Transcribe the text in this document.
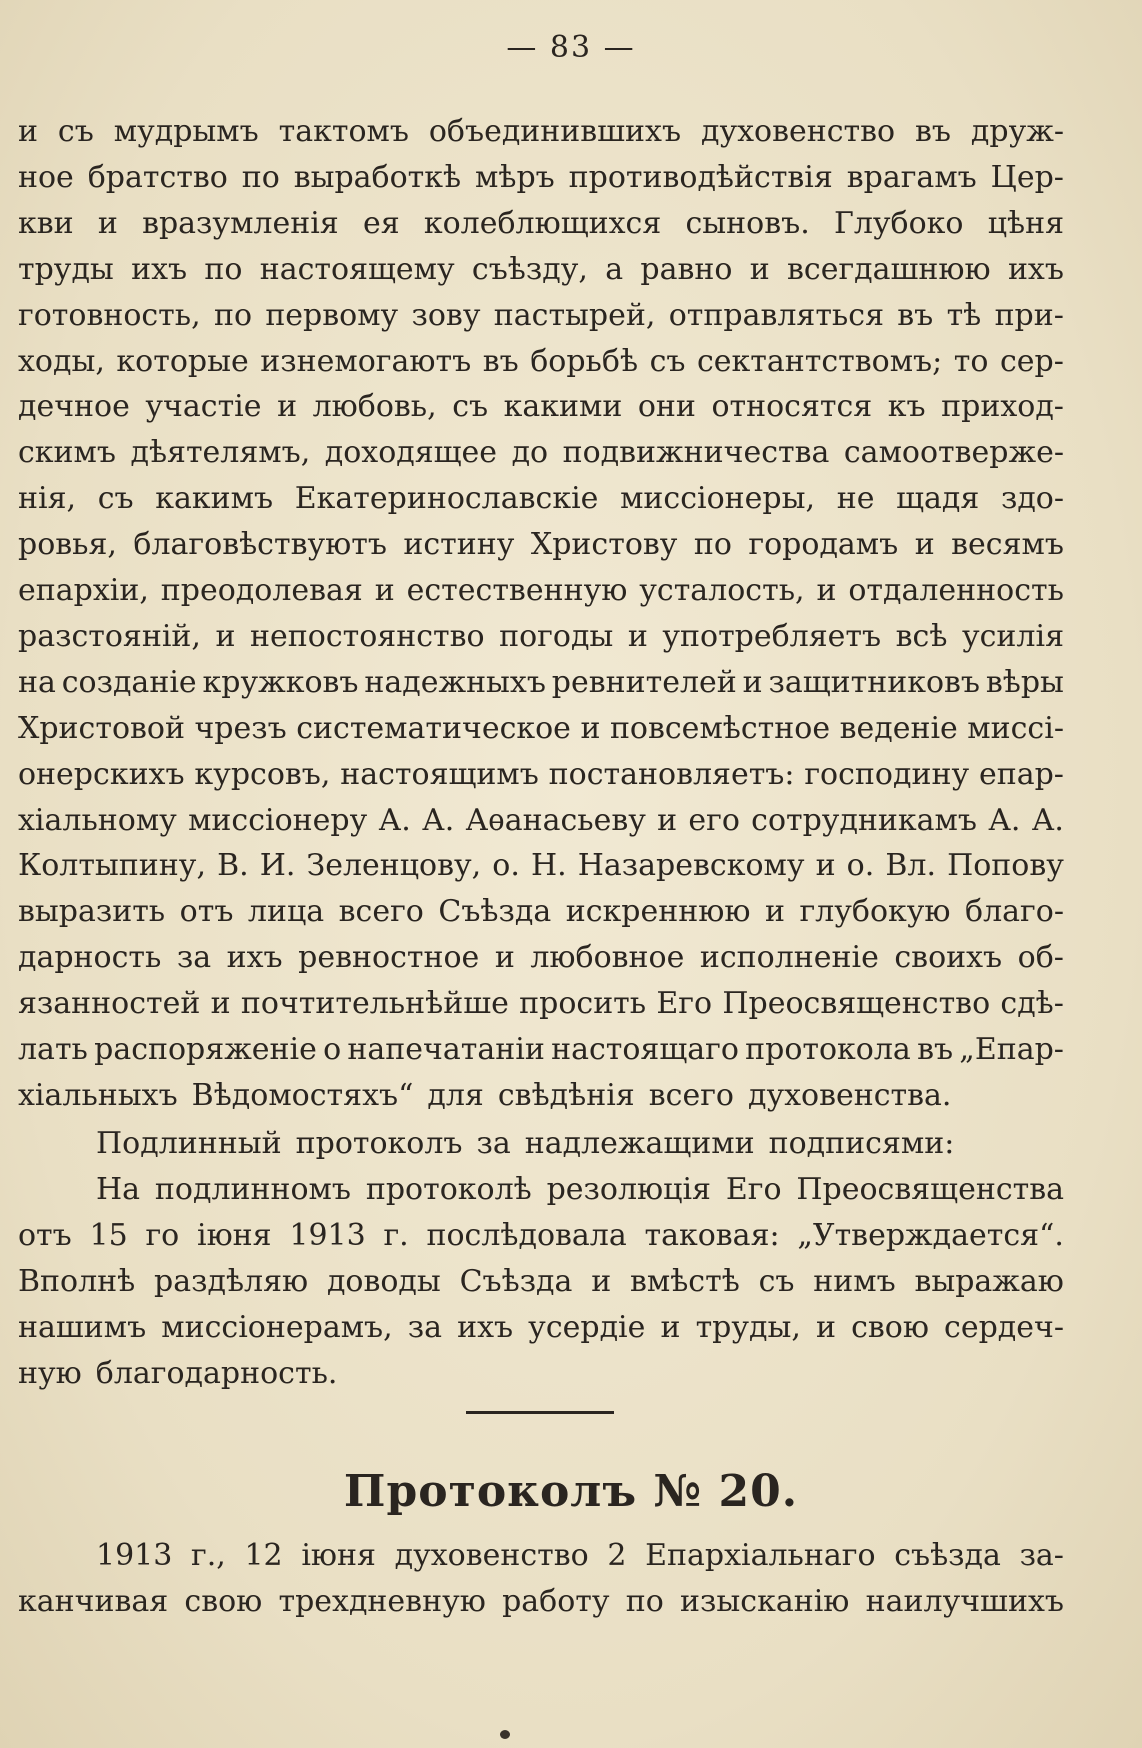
— 83 —
и съ мудрымъ тактомъ объединившихъ духовенство въ друж-
ное братство по выработкѣ мѣръ противодѣйствія врагамъ Цер-
кви и вразумленія ея колеблющихся сыновъ. Глубоко цѣня
труды ихъ по настоящему съѣзду, а равно и всегдашнюю ихъ
готовность, по первому зову пастырей, отправляться въ тѣ при-
ходы, которые изнемогаютъ въ борьбѣ съ сектантствомъ; то сер-
дечное участіе и любовь, съ какими они относятся къ приход-
скимъ дѣятелямъ, доходящее до подвижничества самоотверже-
нія, съ какимъ Екатеринославскіе миссіонеры, не щадя здо-
ровья, благовѣствуютъ истину Христову по городамъ и весямъ
епархіи, преодолевая и естественную усталость, и отдаленность
разстояній, и непостоянство погоды и употребляетъ всѣ усилія
на созданіе кружковъ надежныхъ ревнителей и защитниковъ вѣры
Христовой чрезъ систематическое и повсемѣстное веденіе миссі-
онерскихъ курсовъ, настоящимъ постановляетъ: господину епар-
хіальному миссіонеру А. А. Аѳанасьеву и его сотрудникамъ А. А.
Колтыпину, В. И. Зеленцову, о. Н. Назаревскому и о. Вл. Попову
выразить отъ лица всего Съѣзда искреннюю и глубокую благо-
дарность за ихъ ревностное и любовное исполненіе своихъ об-
язанностей и почтительнѣйше просить Его Преосвященство сдѣ-
лать распоряженіе о напечатаніи настоящаго протокола въ „Епар-
хіальныхъ Вѣдомостяхъ“ для свѣдѣнія всего духовенства.
Подлинный протоколъ за надлежащими подписями:
На подлинномъ протоколѣ резолюція Его Преосвященства
отъ 15 го іюня 1913 г. послѣдовала таковая: „Утверждается“.
Вполнѣ раздѣляю доводы Съѣзда и вмѣстѣ съ нимъ выражаю
нашимъ миссіонерамъ, за ихъ усердіе и труды, и свою сердеч-
ную благодарность.
1913 г., 12 іюня духовенство 2 Епархіальнаго съѣзда за-
канчивая свою трехдневную работу по изысканію наилучшихъ
Протоколъ № 20.
